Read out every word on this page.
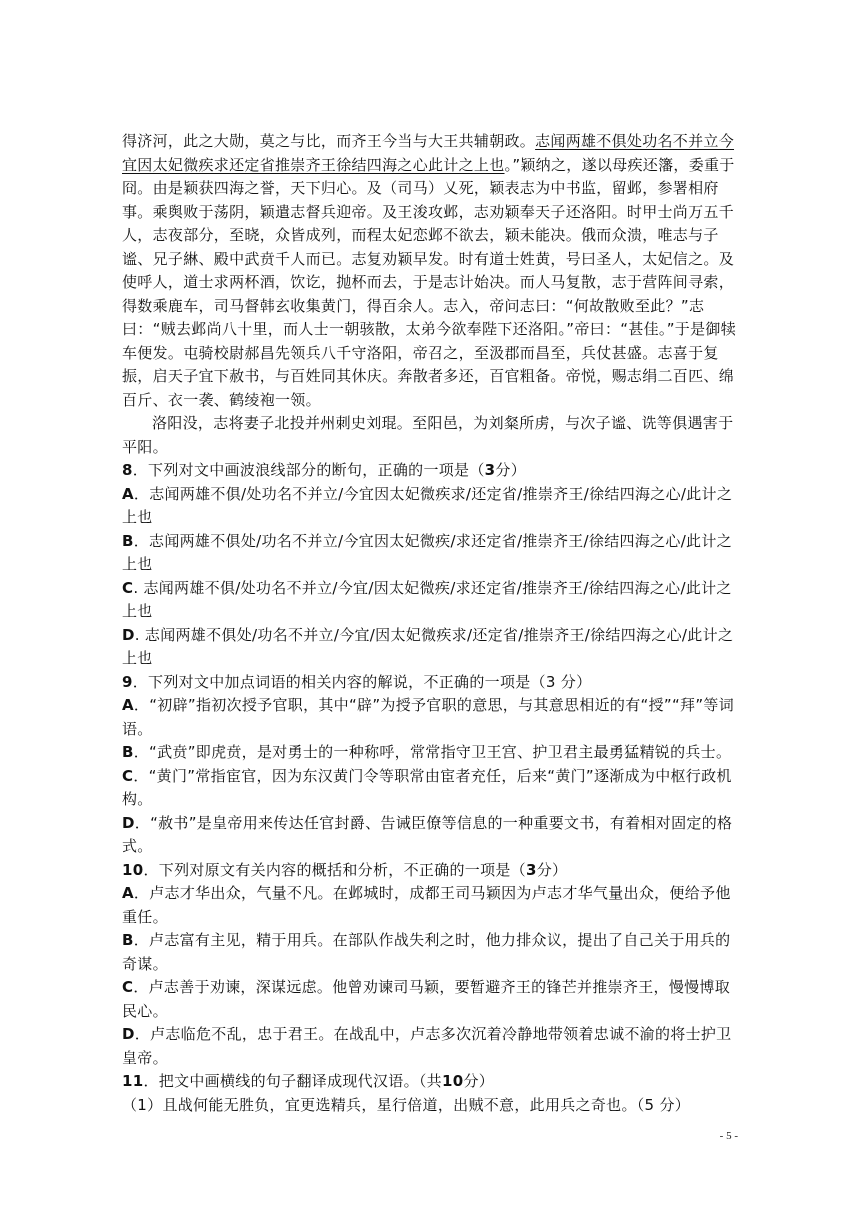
得济河，此之大勋，莫之与比，而齐王今当与大王共辅朝政。志闻两雄不俱处功名不并立今宜因太妃微疾求还定省推崇齐王徐结四海之心此计之上也。”颖纳之，遂以母疾还籓，委重于冏。由是颖获四海之誉，天下归心。及（司马）乂死，颖表志为中书监，留邺，参署相府事。乘舆败于荡阴，颖遣志督兵迎帝。及王浚攻邺，志劝颖奉天子还洛阳。时甲士尚万五千人，志夜部分，至晓，众皆成列，而程太妃恋邺不欲去，颖未能决。俄而众溃，唯志与子谧、兄子綝、殿中武贲千人而已。志复劝颖早发。时有道士姓黄，号曰圣人，太妃信之。及使呼人，道士求两杯酒，饮讫，抛杯而去，于是志计始决。而人马复散，志于营阵间寻索，得数乘鹿车，司马督韩玄收集黄门，得百余人。志入，帝问志曰：“何故散败至此？”志曰：“贼去邺尚八十里，而人士一朝骇散，太弟今欲奉陛下还洛阳。”帝曰：“甚佳。”于是御犊车便发。屯骑校尉郝昌先领兵八千守洛阳，帝召之，至汲郡而昌至，兵仗甚盛。志喜于复振，启天子宜下赦书，与百姓同其休庆。奔散者多还，百官粗备。帝悦，赐志绢二百匹、绵百斤、衣一袭、鹤绫袍一领。

洛阳没，志将妻子北投并州刺史刘琨。至阳邑，为刘粲所虏，与次子谧、诜等俱遇害于平阳。

8．下列对文中画波浪线部分的断句，正确的一项是（3分）

A．志闻两雄不俱/处功名不并立/今宜因太妃微疾求/还定省/推崇齐王/徐结四海之心/此计之上也

B．志闻两雄不俱处/功名不并立/今宜因太妃微疾/求还定省/推崇齐王/徐结四海之心/此计之上也

C. 志闻两雄不俱/处功名不并立/今宜/因太妃微疾/求还定省/推崇齐王/徐结四海之心/此计之上也

D. 志闻两雄不俱处/功名不并立/今宜/因太妃微疾求/还定省/推崇齐王/徐结四海之心/此计之上也

9．下列对文中加点词语的相关内容的解说，不正确的一项是（3 分）

A．“初辟”指初次授予官职，其中“辟”为授予官职的意思，与其意思相近的有“授”“拜”等词语。

B．“武贲”即虎贲，是对勇士的一种称呼，常常指守卫王宫、护卫君主最勇猛精锐的兵士。

C．“黄门”常指宦官，因为东汉黄门令等职常由宦者充任，后来“黄门”逐渐成为中枢行政机构。

D．“赦书”是皇帝用来传达任官封爵、告诫臣僚等信息的一种重要文书，有着相对固定的格式。

10．下列对原文有关内容的概括和分析，不正确的一项是（3分）

A．卢志才华出众，气量不凡。在邺城时，成都王司马颖因为卢志才华气量出众，便给予他重任。

B．卢志富有主见，精于用兵。在部队作战失利之时，他力排众议，提出了自己关于用兵的奇谋。

C．卢志善于劝谏，深谋远虑。他曾劝谏司马颖，要暂避齐王的锋芒并推崇齐王，慢慢博取民心。

D．卢志临危不乱，忠于君王。在战乱中，卢志多次沉着冷静地带领着忠诚不渝的将士护卫皇帝。

11．把文中画横线的句子翻译成现代汉语。（共10分）

（1）且战何能无胜负，宜更选精兵，星行倍道，出贼不意，此用兵之奇也。（5 分）

- 5 -
